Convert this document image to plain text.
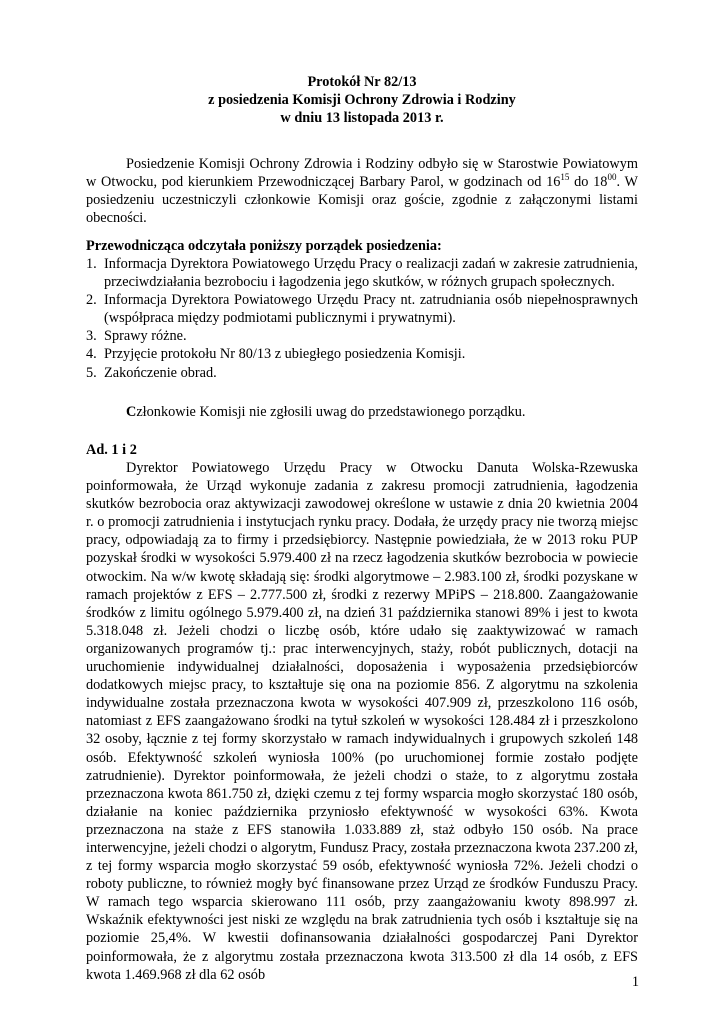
Protokół Nr 82/13
z posiedzenia Komisji Ochrony Zdrowia i Rodziny
w dniu 13 listopada 2013 r.

Posiedzenie Komisji Ochrony Zdrowia i Rodziny odbyło się w Starostwie Powiatowym w Otwocku, pod kierunkiem Przewodniczącej Barbary Parol, w godzinach od $16^{15}$ do $18^{00}$. W posiedzeniu uczestniczyli członkowie Komisji oraz goście, zgodnie z załączonymi listami obecności.

Przewodnicząca odczytała poniższy porządek posiedzenia:
1. Informacja Dyrektora Powiatowego Urzędu Pracy o realizacji zadań w zakresie zatrudnienia, przeciwdziałania bezrobociu i łagodzenia jego skutków, w różnych grupach społecznych.
2. Informacja Dyrektora Powiatowego Urzędu Pracy nt. zatrudniania osób niepełnosprawnych (współpraca między podmiotami publicznymi i prywatnymi).
3. Sprawy różne.
4. Przyjęcie protokołu Nr 80/13 z ubiegłego posiedzenia Komisji.
5. Zakończenie obrad.

Członkowie Komisji nie zgłosili uwag do przedstawionego porządku.

Ad. 1 i 2

Dyrektor Powiatowego Urzędu Pracy w Otwocku Danuta Wolska-Rzewuska poinformowała, że Urząd wykonuje zadania z zakresu promocji zatrudnienia, łagodzenia skutków bezrobocia oraz aktywizacji zawodowej określone w ustawie z dnia 20 kwietnia 2004 r. o promocji zatrudnienia i instytucjach rynku pracy. Dodała, że urzędy pracy nie tworzą miejsc pracy, odpowiadają za to firmy i przedsiębiorcy. Następnie powiedziała, że w 2013 roku PUP pozyskał środki w wysokości 5.979.400 zł na rzecz łagodzenia skutków bezrobocia w powiecie otwockim. Na w/w kwotę składają się: środki algorytmowe – 2.983.100 zł, środki pozyskane w ramach projektów z EFS – 2.777.500 zł, środki z rezerwy MPiPS – 218.800. Zaangażowanie środków z limitu ogólnego 5.979.400 zł, na dzień 31 października stanowi 89% i jest to kwota 5.318.048 zł. Jeżeli chodzi o liczbę osób, które udało się zaaktywizować w ramach organizowanych programów tj.: prac interwencyjnych, staży, robót publicznych, dotacji na uruchomienie indywidualnej działalności, doposażenia i wyposażenia przedsiębiorców dodatkowych miejsc pracy, to kształtuje się ona na poziomie 856. Z algorytmu na szkolenia indywidualne została przeznaczona kwota w wysokości 407.909 zł, przeszkolono 116 osób, natomiast z EFS zaangażowano środki na tytuł szkoleń w wysokości 128.484 zł i przeszkolono 32 osoby, łącznie z tej formy skorzystało w ramach indywidualnych i grupowych szkoleń 148 osób. Efektywność szkoleń wyniosła 100% (po uruchomionej formie zostało podjęte zatrudnienie). Dyrektor poinformowała, że jeżeli chodzi o staże, to z algorytmu została przeznaczona kwota 861.750 zł, dzięki czemu z tej formy wsparcia mogło skorzystać 180 osób, działanie na koniec października przyniosło efektywność w wysokości 63%. Kwota przeznaczona na staże z EFS stanowiła 1.033.889 zł, staż odbyło 150 osób. Na prace interwencyjne, jeżeli chodzi o algorytm, Fundusz Pracy, została przeznaczona kwota 237.200 zł, z tej formy wsparcia mogło skorzystać 59 osób, efektywność wyniosła 72%. Jeżeli chodzi o roboty publiczne, to również mogły być finansowane przez Urząd ze środków Funduszu Pracy. W ramach tego wsparcia skierowano 111 osób, przy zaangażowaniu kwoty 898.997 zł. Wskaźnik efektywności jest niski ze względu na brak zatrudnienia tych osób i kształtuje się na poziomie 25,4%. W kwestii dofinansowania działalności gospodarczej Pani Dyrektor poinformowała, że z algorytmu została przeznaczona kwota 313.500 zł dla 14 osób, z EFS kwota 1.469.968 zł dla 62 osób	1
